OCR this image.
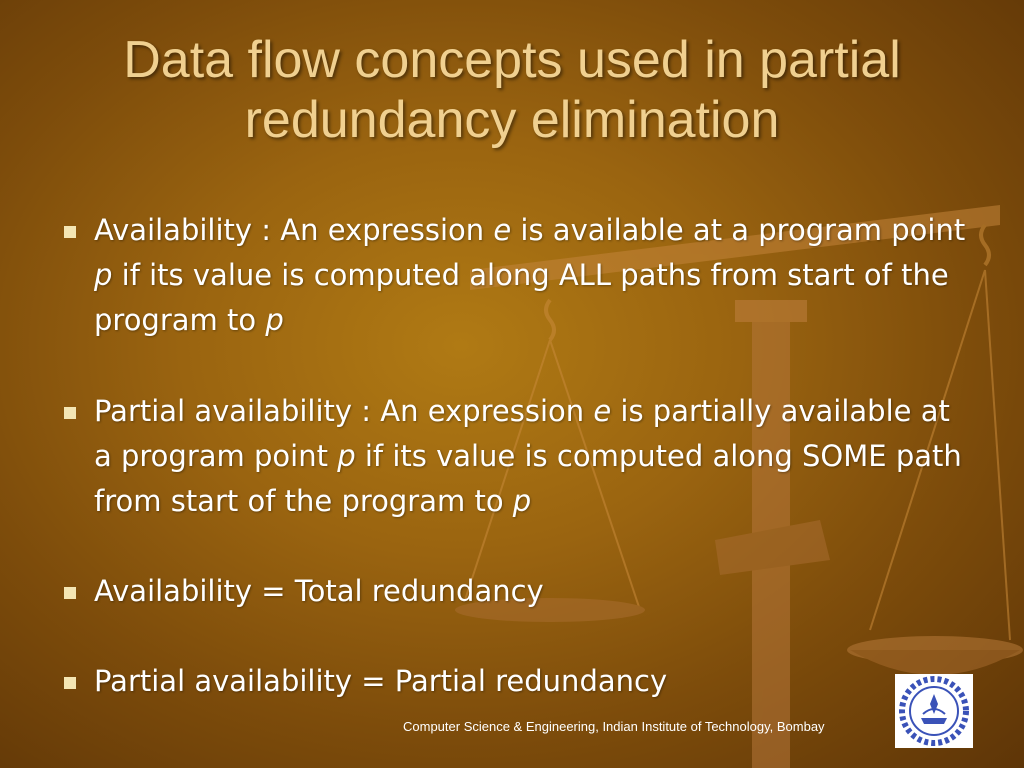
Data flow concepts used in partial redundancy elimination
Availability : An expression e is available at a program point p if its value is computed along ALL paths from start of the program to p
Partial availability : An expression e is partially available at a program point p if its value is computed along SOME path from start of the program to p
Availability = Total redundancy
Partial availability = Partial redundancy
Computer Science & Engineering, Indian Institute of Technology, Bombay
